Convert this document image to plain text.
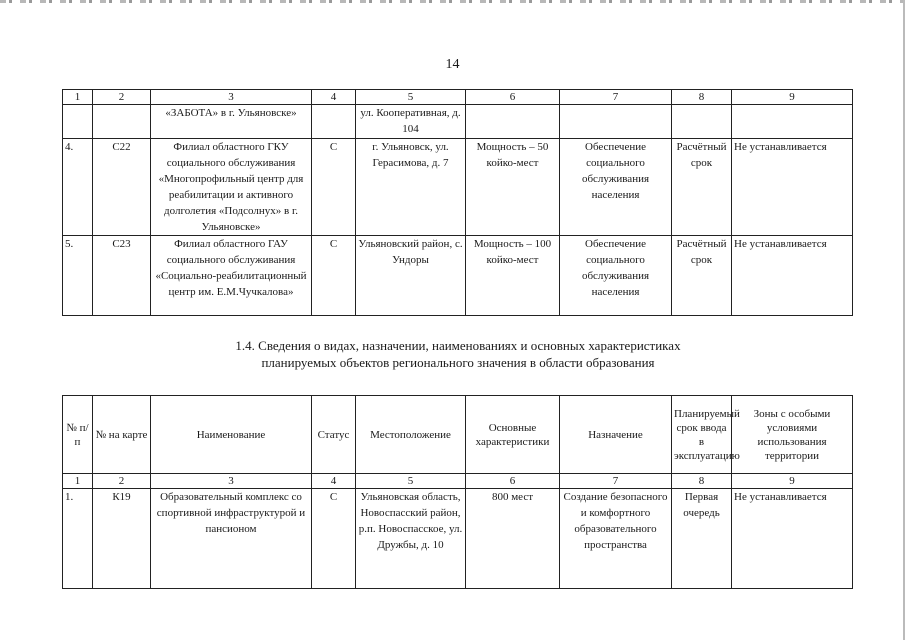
14
1	2	3	4	5	6	7	8	9
		«ЗАБОТА» в г. Ульяновске»		ул. Кооперативная, д. 104				
4.	С22	Филиал областного ГКУ социального обслуживания «Многопрофильный центр для реабилитации и активного долголетия «Подсолнух» в г. Ульяновске»	С	г. Ульяновск, ул. Герасимова, д. 7	Мощность – 50 койко-мест	Обеспечение социального обслуживания населения	Расчётный срок	Не устанавливается
5.	С23	Филиал областного ГАУ социального обслуживания «Социально-реабилитационный центр им. Е.М.Чучкалова»	С	Ульяновский район, с. Ундоры	Мощность – 100 койко-мест	Обеспечение социального обслуживания населения	Расчётный срок	Не устанавливается
1.4. Сведения о видах, назначении, наименованиях и основных характеристиках
планируемых объектов регионального значения в области образования
№ п/п	№ на карте	Наименование	Статус	Местоположение	Основные характеристики	Назначение	Планируемый срок ввода в эксплуатацию	Зоны с особыми условиями использования территории
1	2	3	4	5	6	7	8	9
1.	К19	Образовательный комплекс со спортивной инфраструктурой и пансионом	С	Ульяновская область, Новоспасский район, р.п. Новоспасское, ул. Дружбы, д. 10	800 мест	Создание безопасного и комфортного образовательного пространства	Первая очередь	Не устанавливается
